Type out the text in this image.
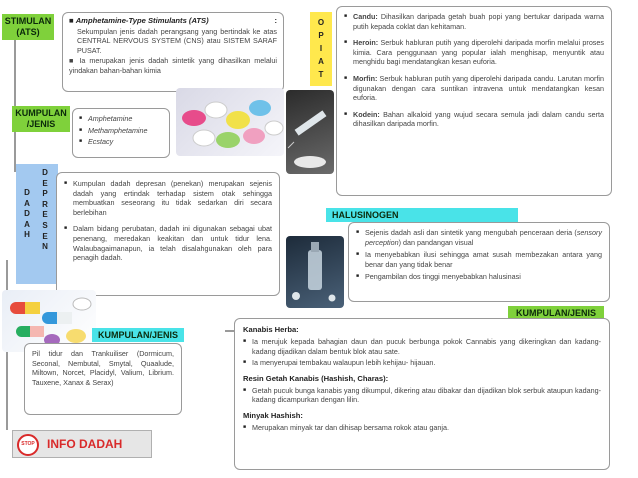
STIMULAN
(ATS)
■ Amphetamine-Type Stimulants (ATS)	:
Sekumpulan jenis dadah perangsang yang bertindak ke atas CENTRAL NERVOUS SYSTEM (CNS) atau SISTEM SARAF PUSAT.
■ Ia merupakan jenis dadah sintetik yang dihasilkan melalui yindakan bahan-bahan kimia
KUMPULAN
/JENIS
■ Amphetamine
■ Methamphetamine
■ Ecstacy
D
A
D
A
H
D
E
P
R
E
S
E
N
■ Kumpulan dadah depresan (penekan) merupakan sejenis dadah yang ertindak terhadap sistem otak sehingga membuatkan seseorang itu tidak sedarkan diri secara berlebihan
■ Dalam bidang perubatan, dadah ini digunakan sebagai ubat penenang, meredakan keakitan dan untuk tidur lena. Walaubagaimanapun, ia telah disalahgunakan oleh para penagih dadah.
KUMPULAN/JENIS
Pil tidur dan Trankuiliser (Dormicum, Seconal, Nembutal, Smytal, Quaalude, Miltown, Norcet, Placidyl, Valium, Librium. Tauxene, Xanax & Serax)
STOP	INFO DADAH
O
P
I
A
T
■ Candu: Dihasilkan daripada getah buah popi yang bertukar daripada warna putih kepada coklat dan kehitaman.
■ Heroin: Serbuk habluran putih yang diperolehi daripada morfin melalui proses kimia. Cara penggunaan yang popular ialah menghisap, menyuntik atau menghidu bagi mendatangkan kesan euforia.
■ Morfin: Serbuk habluran putih yang diperolehi daripada candu. Larutan morfin digunakan dengan cara suntikan intravena untuk mendatangkan kesan euforia.
■ Kodein: Bahan alkaloid yang wujud secara semula jadi dalam candu serta dihasilkan daripada morfin.
HALUSINOGEN
■ Sejenis dadah asli dan sintetik yang mengubah penceraan deria (sensory perception) dan pandangan visual
■ Ia menyebabkan ilusi sehingga amat susah membezakan antara yang benar dan yang tidak benar
■ Pengambilan dos tinggi menyebabkan halusinasi
KUMPULAN/JENIS
Kanabis Herba:
■ Ia merujuk kepada bahagian daun dan pucuk berbunga pokok Cannabis yang dikeringkan dan kadang-kadang dijadikan dalam bentuk blok atau sate.
■ Ia menyerupai tembakau walaupun lebih kehijau- hijauan.
Resin Getah Kanabis (Hashish, Charas):
■ Getah pucuk bunga kanabis yang dikumpul, dikering atau dibakar dan dijadikan blok serbuk ataupun kadang-kadang dicampurkan dengan lilin.
Minyak Hashish:
■ Merupakan minyak tar dan dihisap bersama rokok atau ganja.
